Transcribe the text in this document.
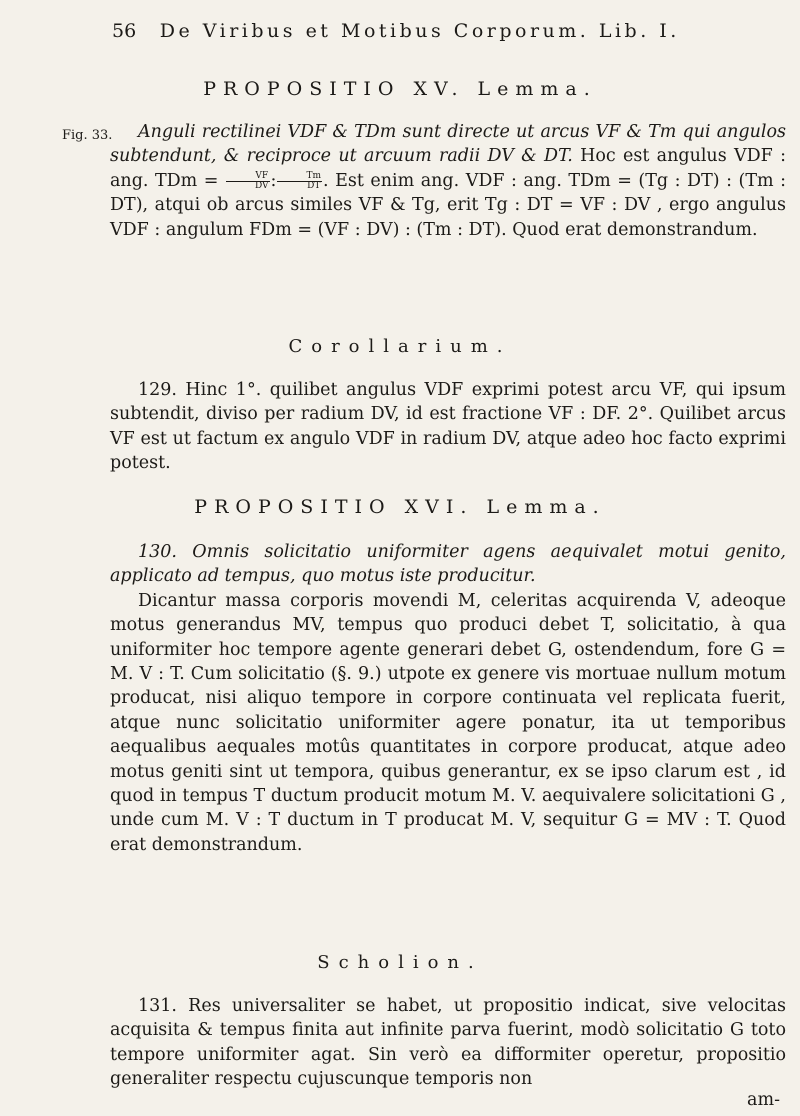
56 De Viribus et Motibus Corporum. Lib. I.
PROPOSITIO XV. Lemma.
Fig. 33.	Anguli rectilinei VDF & TDm sunt directe ut arcus VF & Tm qui angulos subtendunt, & reciproce ut arcuum radii DV & DT. Hoc est angulus VDF : ang. TDm = $\frac{VF}{DV}$ : $\frac{Tm}{DT}$ . Est enim ang. VDF : ang. TDm = (Tg : DT) : (Tm : DT), atqui ob arcus similes VF & Tg, erit Tg : DT = VF : DV , ergo angulus VDF : angulum FDm = (VF : DV) : (Tm : DT). Quod erat demonstrandum.

Corollarium.

129. Hinc 1°. quilibet angulus VDF exprimi potest arcu VF, qui ipsum subtendit, diviso per radium DV, id est fractione VF : DF. 2°. Quilibet arcus VF est ut factum ex angulo VDF in radium DV, atque adeo hoc facto exprimi potest.

PROPOSITIO XVI. Lemma.

130. Omnis solicitatio uniformiter agens aequivalet motui genito, applicato ad tempus, quo motus iste producitur.

Dicantur massa corporis movendi M, celeritas acquirenda V, adeoque motus generandus MV, tempus quo produci debet T, solicitatio, à qua uniformiter hoc tempore agente generari debet G, ostendendum, fore G = M. V : T. Cum solicitatio (§. 9.) utpote ex genere vis mortuae nullum motum producat, nisi aliquo tempore in corpore continuata vel replicata fuerit, atque nunc solicitatio uniformiter agere ponatur, ita ut temporibus aequalibus aequales motûs quantitates in corpore producat, atque adeo motus geniti sint ut tempora, quibus generantur, ex se ipso clarum est , id quod in tempus T ductum producit motum M. V. aequivalere solicitationi G , unde cum M. V : T ductum in T producat M. V, sequitur G = MV : T. Quod erat demonstrandum.

Scholion.

131. Res universaliter se habet, ut propositio indicat, sive velocitas acquisita & tempus finita aut infinite parva fuerint, modò solicitatio G toto tempore uniformiter agat. Sin verò ea difformiter operetur, propositio generaliter respectu cujuscunque temporis non

am-
